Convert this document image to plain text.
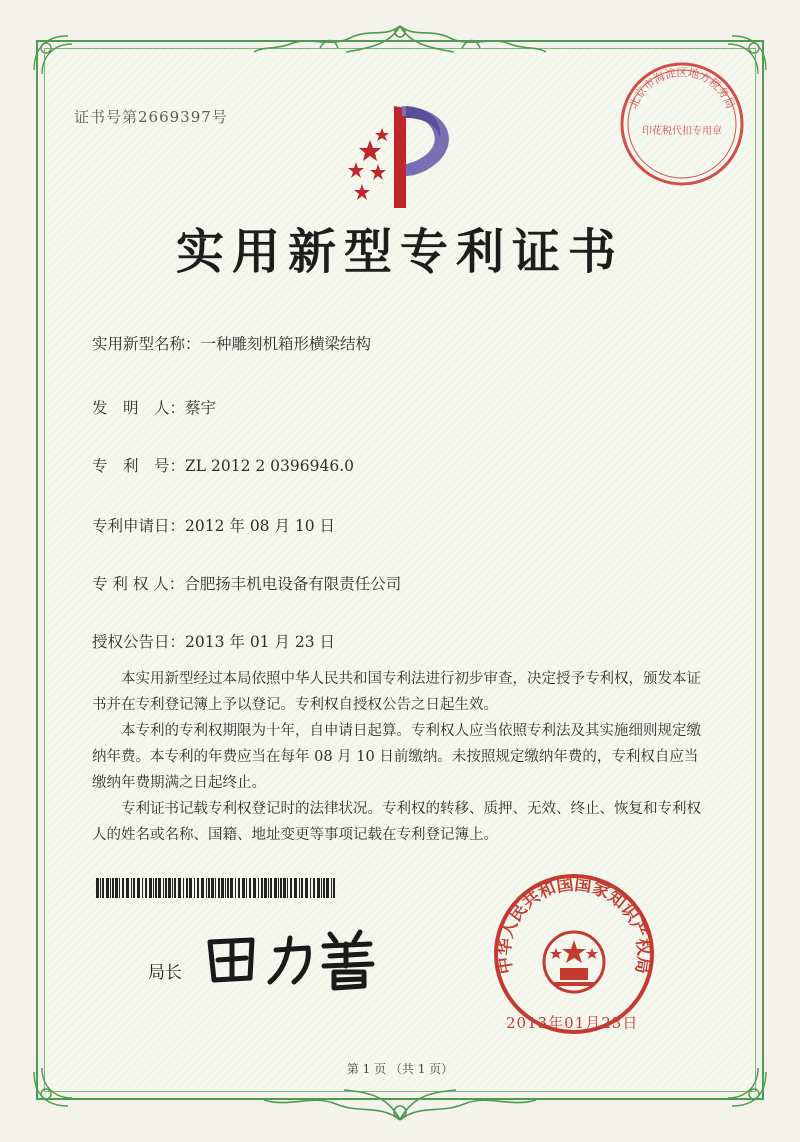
证书号第2669397号
实用新型专利证书
北京市海淀区地方税务局
印花税代扣专用章
实用新型名称：一种雕刻机箱形横梁结构
发　明　人：蔡宇
专　利　号：ZL 2012 2 0396946.0
专利申请日：2012 年 08 月 10 日
专 利 权 人：合肥扬丰机电设备有限责任公司
授权公告日：2013 年 01 月 23 日

本实用新型经过本局依照中华人民共和国专利法进行初步审查，决定授予专利权，颁发本证书并在专利登记簿上予以登记。专利权自授权公告之日起生效。

本专利的专利权期限为十年，自申请日起算。专利权人应当依照专利法及其实施细则规定缴纳年费。本专利的年费应当在每年 08 月 10 日前缴纳。未按照规定缴纳年费的，专利权自应当缴纳年费期满之日起终止。

专利证书记载专利权登记时的法律状况。专利权的转移、质押、无效、终止、恢复和专利权人的姓名或名称、国籍、地址变更等事项记载在专利登记簿上。

局长	中华人民共和国国家知识产权局
2013年01月23日
第 1 页 （共 1 页）
